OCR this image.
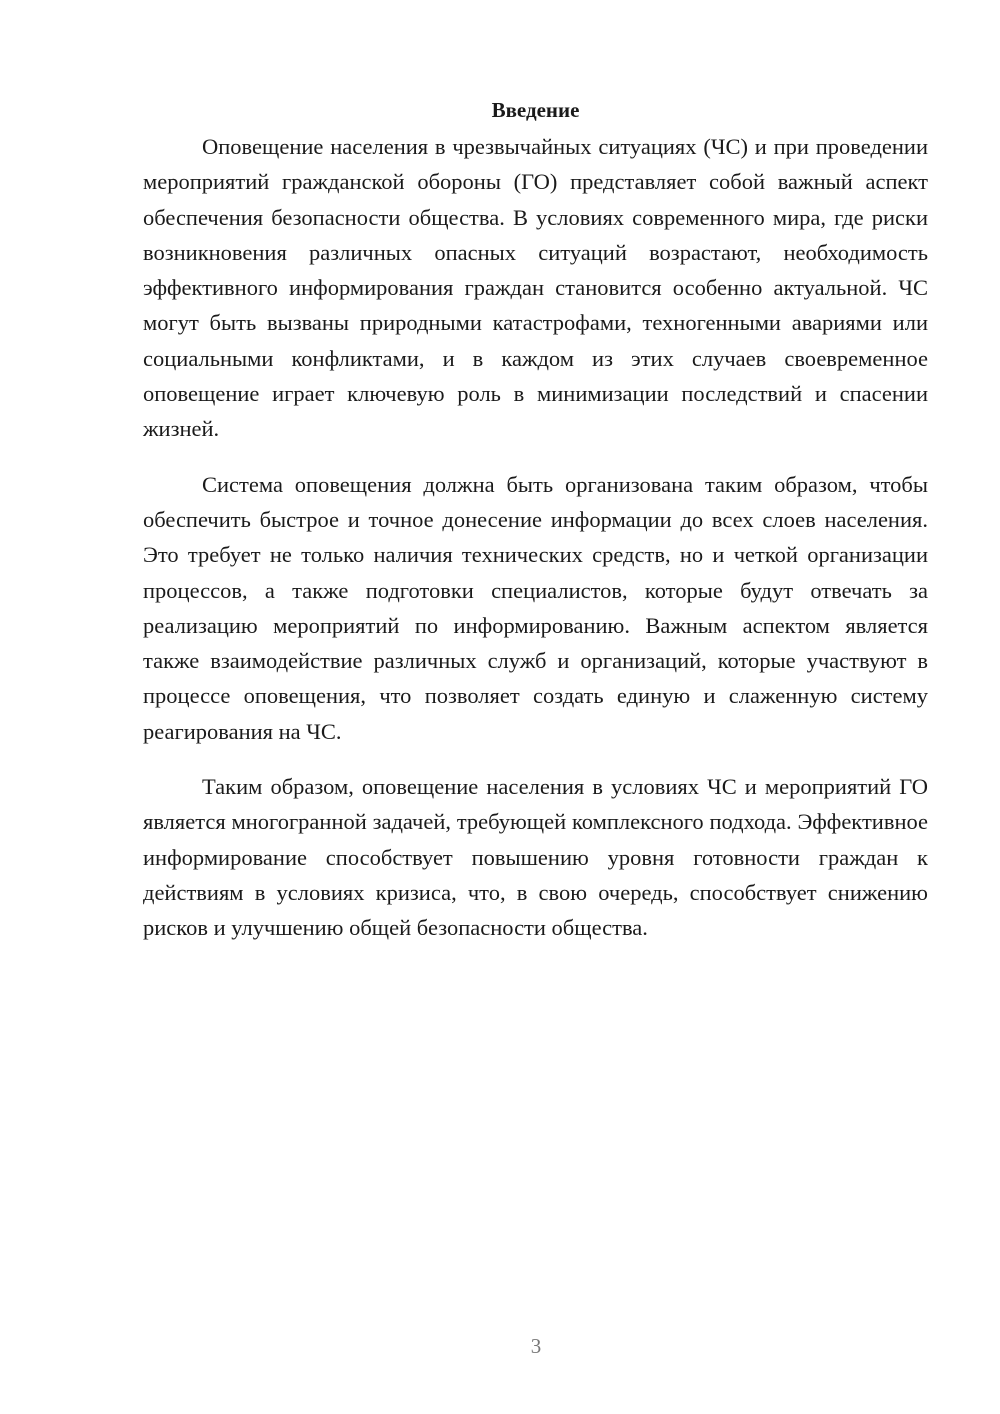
Введение

Оповещение населения в чрезвычайных ситуациях (ЧС) и при проведении мероприятий гражданской обороны (ГО) представляет собой важный аспект обеспечения безопасности общества. В условиях современного мира, где риски возникновения различных опасных ситуаций возрастают, необходимость эффективного информирования граждан становится особенно актуальной. ЧС могут быть вызваны природными катастрофами, техногенными авариями или социальными конфликтами, и в каждом из этих случаев своевременное оповещение играет ключевую роль в минимизации последствий и спасении жизней.

Система оповещения должна быть организована таким образом, чтобы обеспечить быстрое и точное донесение информации до всех слоев населения. Это требует не только наличия технических средств, но и четкой организации процессов, а также подготовки специалистов, которые будут отвечать за реализацию мероприятий по информированию. Важным аспектом является также взаимодействие различных служб и организаций, которые участвуют в процессе оповещения, что позволяет создать единую и слаженную систему реагирования на ЧС.

Таким образом, оповещение населения в условиях ЧС и мероприятий ГО является многогранной задачей, требующей комплексного подхода. Эффективное информирование способствует повышению уровня готовности граждан к действиям в условиях кризиса, что, в свою очередь, способствует снижению рисков и улучшению общей безопасности общества.

3
